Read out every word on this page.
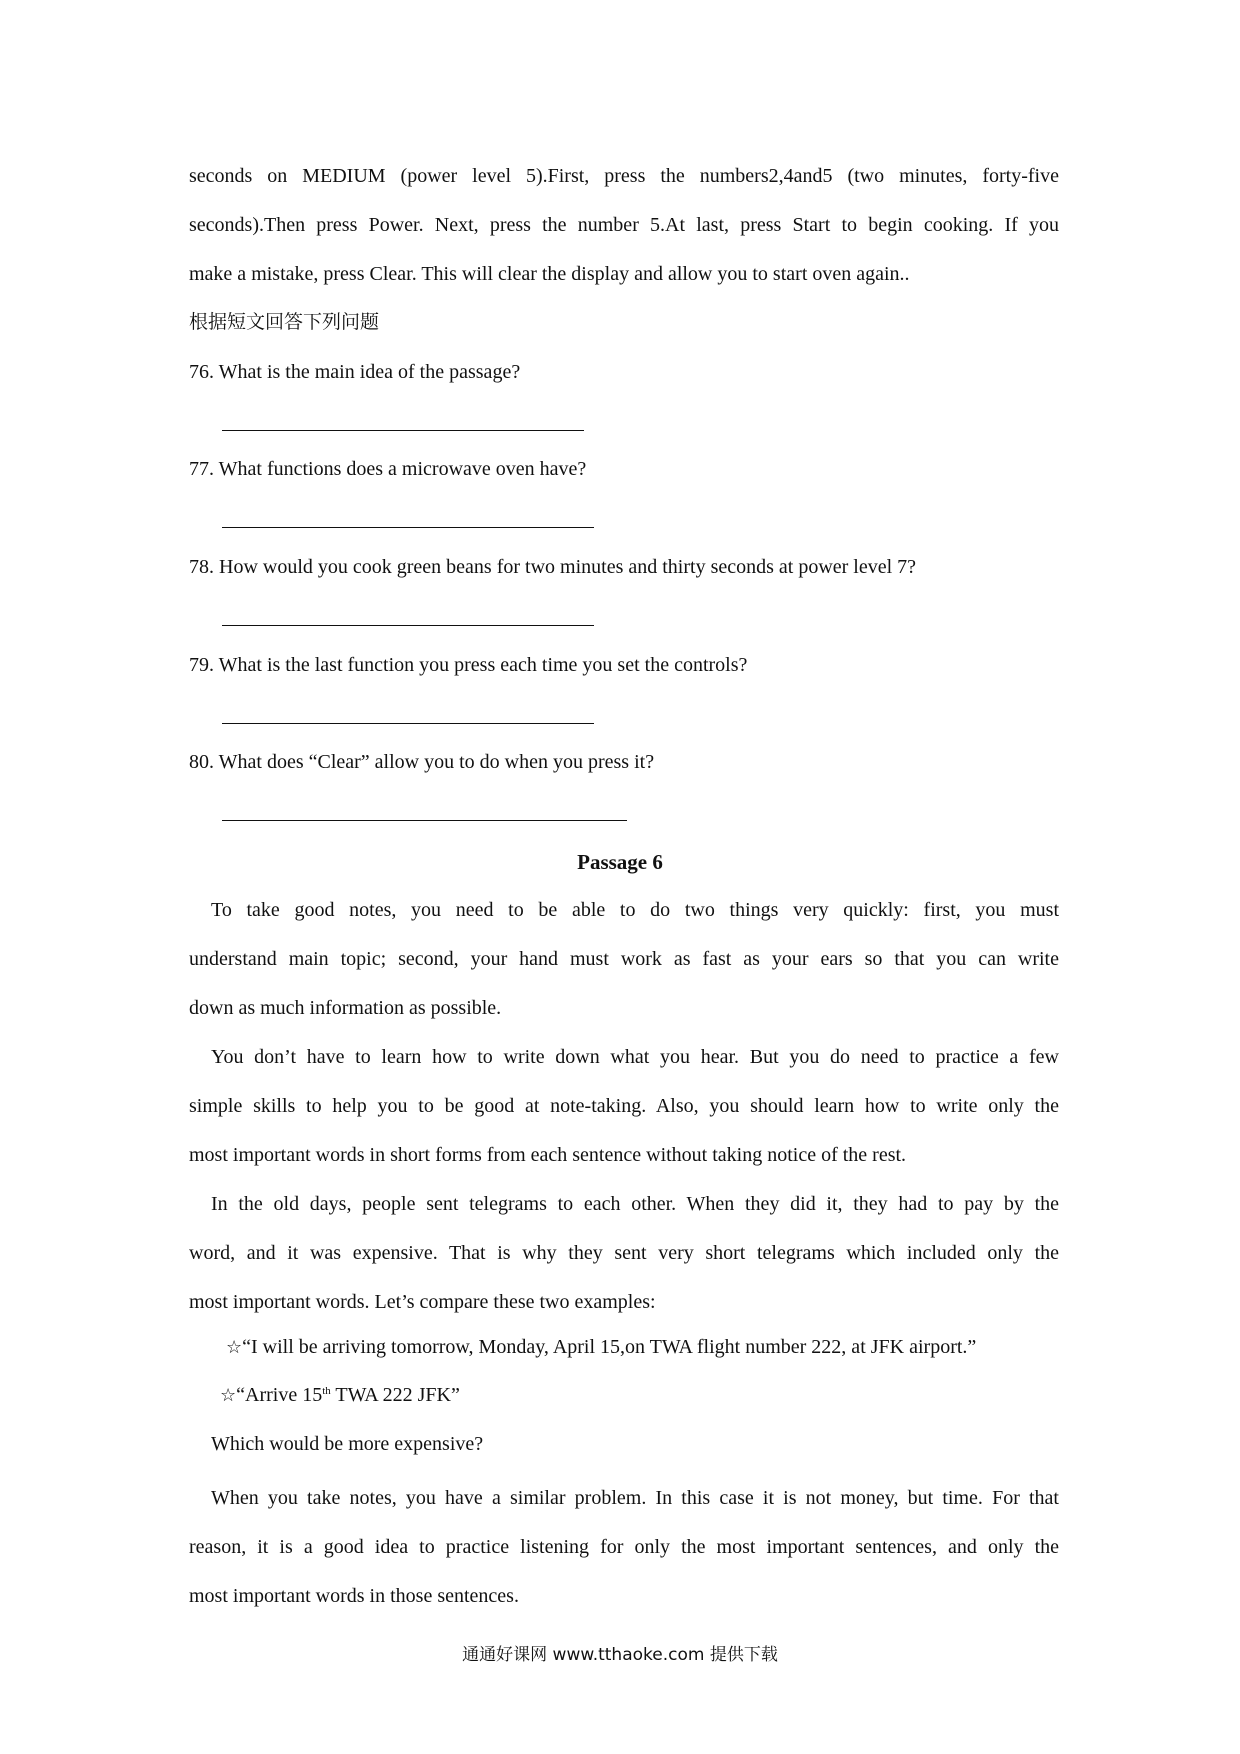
seconds on MEDIUM (power level 5).First, press the numbers2,4and5 (two minutes, forty-five
seconds).Then press Power. Next, press the number 5.At last, press Start to begin cooking. If you
make a mistake, press Clear. This will clear the display and allow you to start oven again..
根据短文回答下列问题
76. What is the main idea of the passage?
77. What functions does a microwave oven have?
78. How would you cook green beans for two minutes and thirty seconds at power level 7?
79. What is the last function you press each time you set the controls?
80. What does “Clear” allow you to do when you press it?
Passage 6
To take good notes, you need to be able to do two things very quickly: first, you must
understand main topic; second, your hand must work as fast as your ears so that you can write
down as much information as possible.
You don’t have to learn how to write down what you hear. But you do need to practice a few
simple skills to help you to be good at note-taking. Also, you should learn how to write only the
most important words in short forms from each sentence without taking notice of the rest.
In the old days, people sent telegrams to each other. When they did it, they had to pay by the
word, and it was expensive. That is why they sent very short telegrams which included only the
most important words. Let’s compare these two examples:
☆“I will be arriving tomorrow, Monday, April 15,on TWA flight number 222, at JFK airport.”
☆“Arrive 15th TWA 222 JFK”
Which would be more expensive?
When you take notes, you have a similar problem. In this case it is not money, but time. For that
reason, it is a good idea to practice listening for only the most important sentences, and only the
most important words in those sentences.
通通好课网 www.tthaoke.com 提供下载
